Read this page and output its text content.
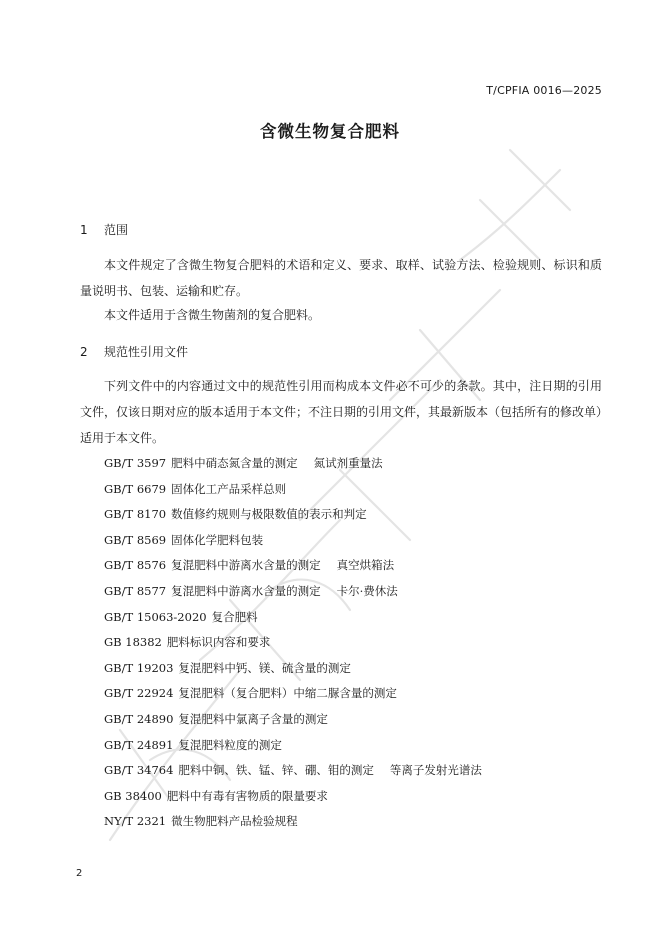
T/CPFIA 0016—2025
含微生物复合肥料
1 范围

本文件规定了含微生物复合肥料的术语和定义、要求、取样、试验方法、检验规则、标识和质量说明书、包装、运输和贮存。

本文件适用于含微生物菌剂的复合肥料。

2 规范性引用文件

下列文件中的内容通过文中的规范性引用而构成本文件必不可少的条款。其中，注日期的引用文件，仅该日期对应的版本适用于本文件；不注日期的引用文件，其最新版本（包括所有的修改单）适用于本文件。

GB/T 3597 肥料中硝态氮含量的测定 氮试剂重量法
GB/T 6679 固体化工产品采样总则
GB/T 8170 数值修约规则与极限数值的表示和判定
GB/T 8569 固体化学肥料包装
GB/T 8576 复混肥料中游离水含量的测定 真空烘箱法
GB/T 8577 复混肥料中游离水含量的测定 卡尔·费休法
GB/T 15063-2020 复合肥料
GB 18382 肥料标识内容和要求
GB/T 19203 复混肥料中钙、镁、硫含量的测定
GB/T 22924 复混肥料（复合肥料）中缩二脲含量的测定
GB/T 24890 复混肥料中氯离子含量的测定
GB/T 24891 复混肥料粒度的测定
GB/T 34764 肥料中铜、铁、锰、锌、硼、钼的测定 等离子发射光谱法
GB 38400 肥料中有毒有害物质的限量要求
NY/T 2321 微生物肥料产品检验规程
2
